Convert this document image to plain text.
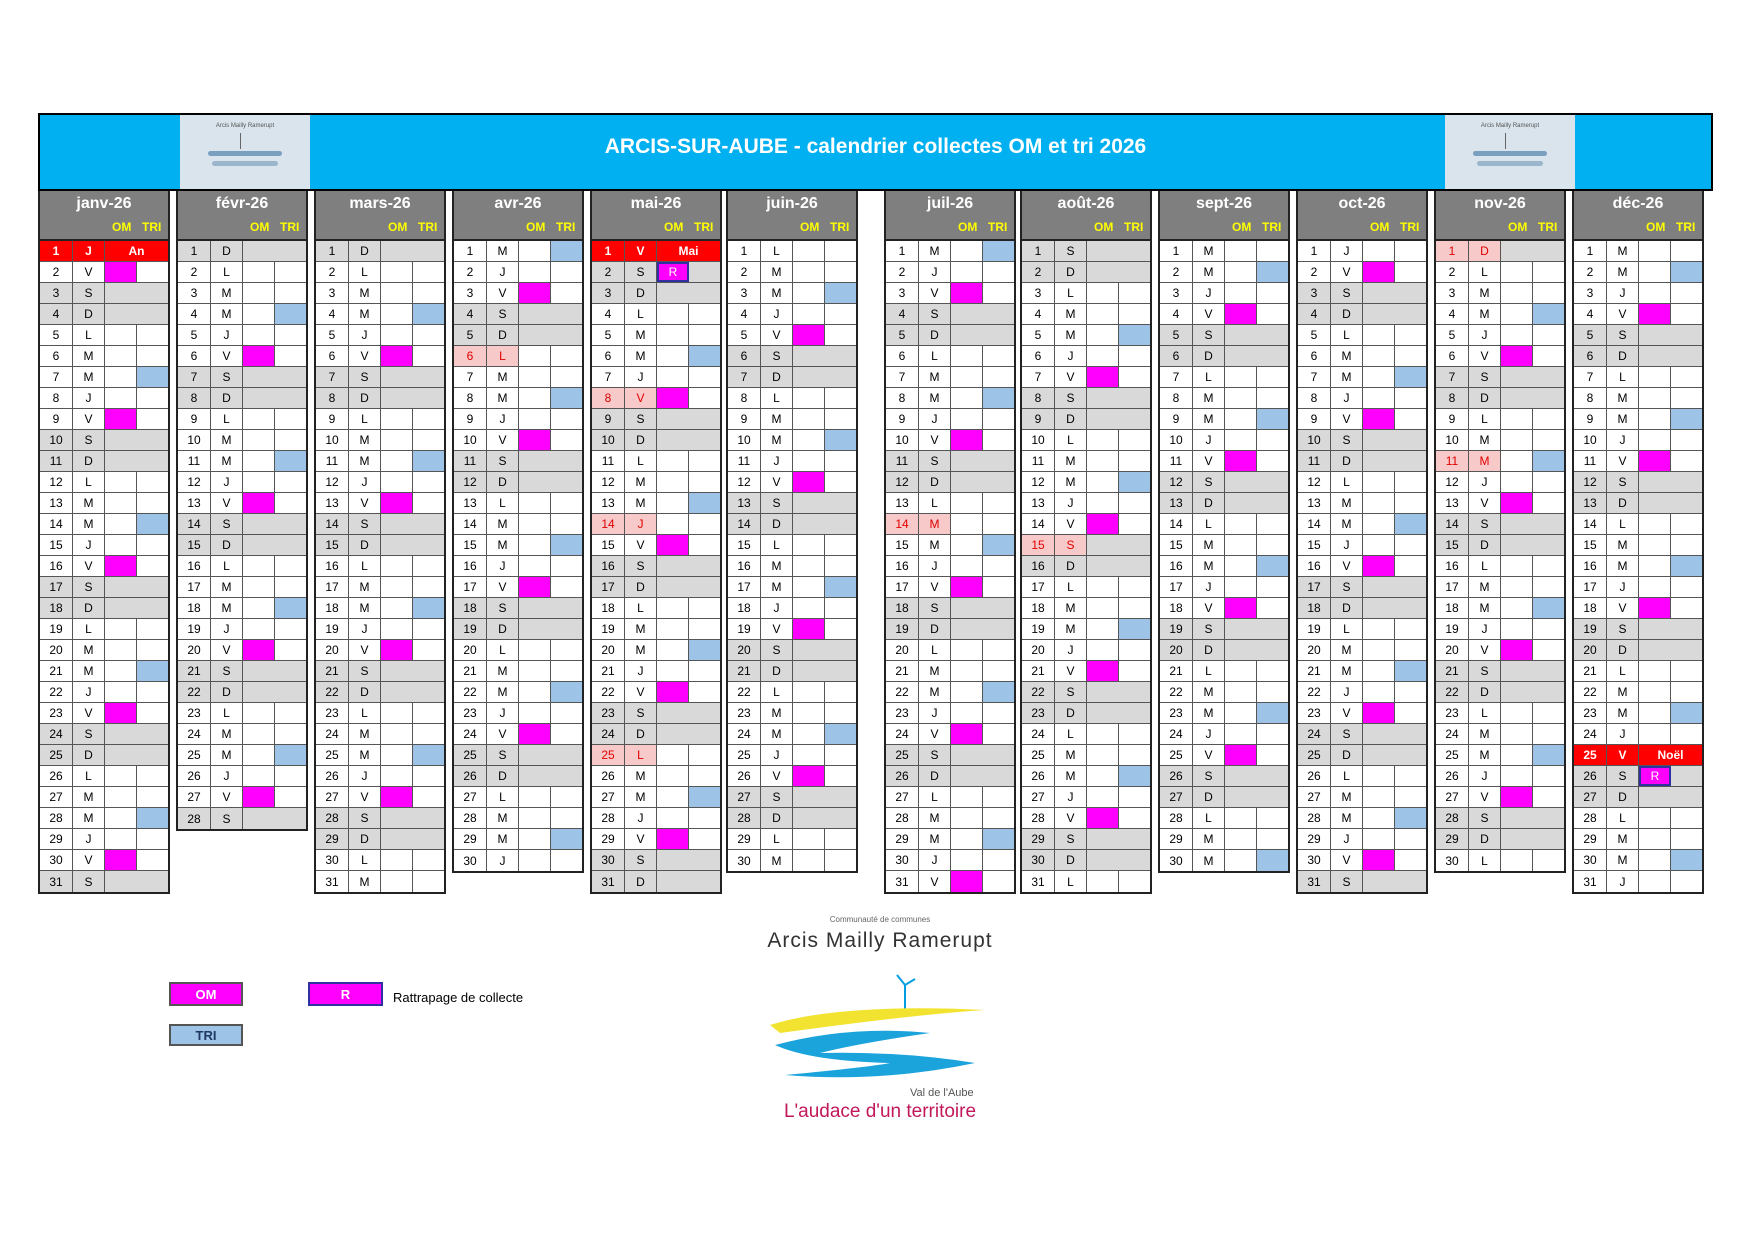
Arcis Mailly Ramerupt
ARCIS-SUR-AUBE - calendrier collectes OM et tri 2026
Arcis Mailly Ramerupt
janv-26
OM TRI
1	J	An
2	V
3	S
4	D
5	L
6	M
7	M
8	J
9	V
10	S
11	D
12	L
13	M
14	M
15	J
16	V
17	S
18	D
19	L
20	M
21	M
22	J
23	V
24	S
25	D
26	L
27	M
28	M
29	J
30	V
31	S
févr-26
OM TRI
1	D
2	L
3	M
4	M
5	J
6	V
7	S
8	D
9	L
10	M
11	M
12	J
13	V
14	S
15	D
16	L
17	M
18	M
19	J
20	V
21	S
22	D
23	L
24	M
25	M
26	J
27	V
28	S
mars-26
OM TRI
1	D
2	L
3	M
4	M
5	J
6	V
7	S
8	D
9	L
10	M
11	M
12	J
13	V
14	S
15	D
16	L
17	M
18	M
19	J
20	V
21	S
22	D
23	L
24	M
25	M
26	J
27	V
28	S
29	D
30	L
31	M
avr-26
OM TRI
1	M
2	J
3	V
4	S
5	D
6	L
7	M
8	M
9	J
10	V
11	S
12	D
13	L
14	M
15	M
16	J
17	V
18	S
19	D
20	L
21	M
22	M
23	J
24	V
25	S
26	D
27	L
28	M
29	M
30	J
mai-26
OM TRI
1	V	Mai
2	S	R
3	D
4	L
5	M
6	M
7	J
8	V
9	S
10	D
11	L
12	M
13	M
14	J
15	V
16	S
17	D
18	L
19	M
20	M
21	J
22	V
23	S
24	D
25	L
26	M
27	M
28	J
29	V
30	S
31	D
juin-26
OM TRI
1	L
2	M
3	M
4	J
5	V
6	S
7	D
8	L
9	M
10	M
11	J
12	V
13	S
14	D
15	L
16	M
17	M
18	J
19	V
20	S
21	D
22	L
23	M
24	M
25	J
26	V
27	S
28	D
29	L
30	M
juil-26
OM TRI
1	M
2	J
3	V
4	S
5	D
6	L
7	M
8	M
9	J
10	V
11	S
12	D
13	L
14	M
15	M
16	J
17	V
18	S
19	D
20	L
21	M
22	M
23	J
24	V
25	S
26	D
27	L
28	M
29	M
30	J
31	V
août-26
OM TRI
1	S
2	D
3	L
4	M
5	M
6	J
7	V
8	S
9	D
10	L
11	M
12	M
13	J
14	V
15	S
16	D
17	L
18	M
19	M
20	J
21	V
22	S
23	D
24	L
25	M
26	M
27	J
28	V
29	S
30	D
31	L
sept-26
OM TRI
1	M
2	M
3	J
4	V
5	S
6	D
7	L
8	M
9	M
10	J
11	V
12	S
13	D
14	L
15	M
16	M
17	J
18	V
19	S
20	D
21	L
22	M
23	M
24	J
25	V
26	S
27	D
28	L
29	M
30	M
oct-26
OM TRI
1	J
2	V
3	S
4	D
5	L
6	M
7	M
8	J
9	V
10	S
11	D
12	L
13	M
14	M
15	J
16	V
17	S
18	D
19	L
20	M
21	M
22	J
23	V
24	S
25	D
26	L
27	M
28	M
29	J
30	V
31	S
nov-26
OM TRI
1	D
2	L
3	M
4	M
5	J
6	V
7	S
8	D
9	L
10	M
11	M
12	J
13	V
14	S
15	D
16	L
17	M
18	M
19	J
20	V
21	S
22	D
23	L
24	M
25	M
26	J
27	V
28	S
29	D
30	L
déc-26
OM TRI
1	M
2	M
3	J
4	V
5	S
6	D
7	L
8	M
9	M
10	J
11	V
12	S
13	D
14	L
15	M
16	M
17	J
18	V
19	S
20	D
21	L
22	M
23	M
24	J
25	V	Noël
26	S	R
27	D
28	L
29	M
30	M
31	J
OM
TRI
R	Rattrapage de collecte
Communauté de communes
Arcis Mailly Ramerupt
Val de l'Aube
L'audace d'un territoire
